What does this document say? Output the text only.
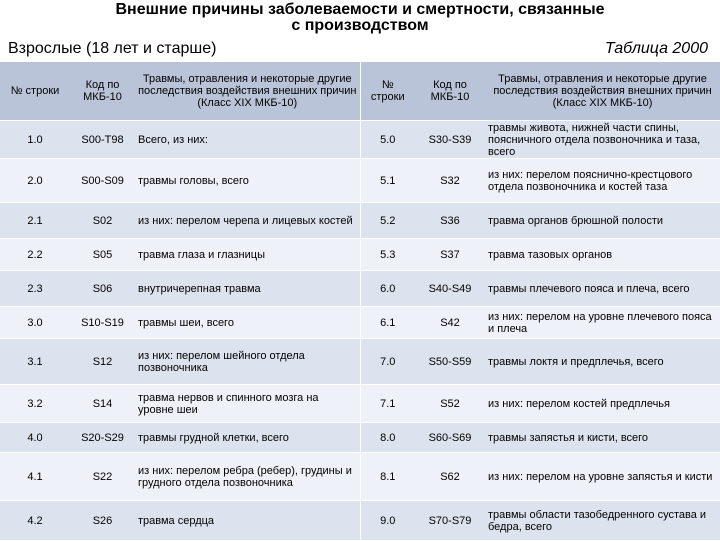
Внешние причины заболеваемости и смертности, связанные
с производством
Взрослые (18 лет и старше)	Таблица 2000
№ строки	Код по МКБ-10	Травмы, отравления и некоторые другие последствия воздействия внешних причин (Класс XIX МКБ-10)	№ строки	Код по МКБ-10	Травмы, отравления и некоторые другие последствия воздействия внешних причин (Класс XIX МКБ-10)
1.0	S00-T98	Всего, из них:	5.0	S30-S39	травмы живота, нижней части спины, поясничного отдела позвоночника и таза, всего
2.0	S00-S09	травмы головы, всего	5.1	S32	из них: перелом пояснично-крестцового отдела позвоночника и костей таза
2.1	S02	из них: перелом черепа и лицевых костей	5.2	S36	травма органов брюшной полости
2.2	S05	травма глаза и глазницы	5.3	S37	травма тазовых органов
2.3	S06	внутричерепная травма	6.0	S40-S49	травмы плечевого пояса и плеча, всего
3.0	S10-S19	травмы шеи, всего	6.1	S42	из них: перелом на уровне плечевого пояса и плеча
3.1	S12	из них: перелом шейного отдела позвоночника	7.0	S50-S59	травмы локтя и предплечья, всего
3.2	S14	травма нервов и спинного мозга на уровне шеи	7.1	S52	из них: перелом костей предплечья
4.0	S20-S29	травмы грудной клетки, всего	8.0	S60-S69	травмы запястья и кисти, всего
4.1	S22	из них: перелом ребра (ребер), грудины и грудного отдела позвоночника	8.1	S62	из них: перелом на уровне запястья и кисти
4.2	S26	травма сердца	9.0	S70-S79	травмы области тазобедренного сустава и бедра, всего
